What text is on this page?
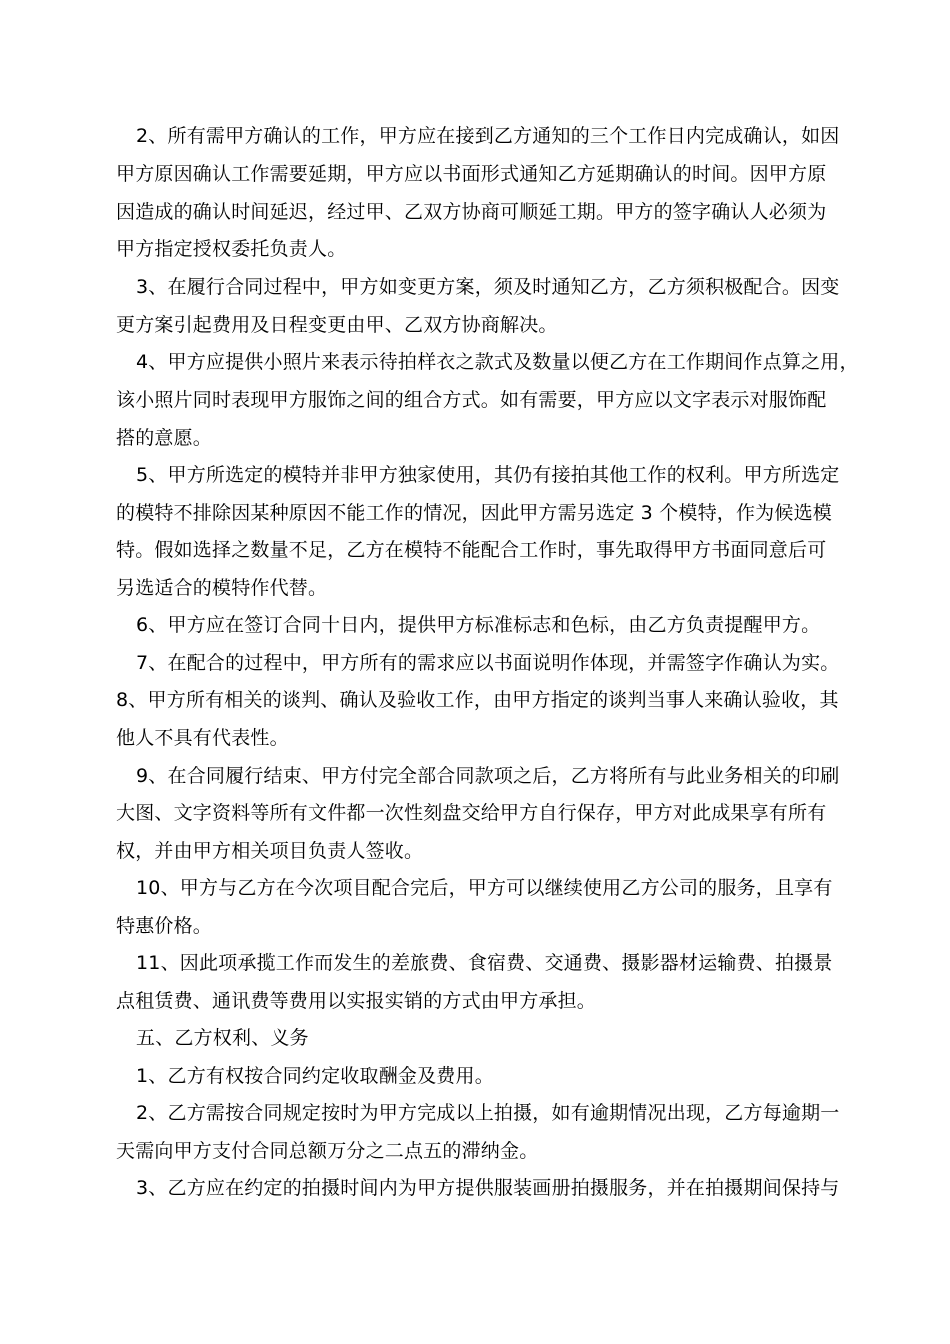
2、所有需甲方确认的工作，甲方应在接到乙方通知的三个工作日内完成确认，如因
甲方原因确认工作需要延期，甲方应以书面形式通知乙方延期确认的时间。因甲方原
因造成的确认时间延迟，经过甲、乙双方协商可顺延工期。甲方的签字确认人必须为
甲方指定授权委托负责人。
3、在履行合同过程中，甲方如变更方案，须及时通知乙方，乙方须积极配合。因变
更方案引起费用及日程变更由甲、乙双方协商解决。
4、甲方应提供小照片来表示待拍样衣之款式及数量以便乙方在工作期间作点算之用，
该小照片同时表现甲方服饰之间的组合方式。如有需要，甲方应以文字表示对服饰配
搭的意愿。
5、甲方所选定的模特并非甲方独家使用，其仍有接拍其他工作的权利。甲方所选定
的模特不排除因某种原因不能工作的情况，因此甲方需另选定 3 个模特，作为候选模
特。假如选择之数量不足，乙方在模特不能配合工作时，事先取得甲方书面同意后可
另选适合的模特作代替。
6、甲方应在签订合同十日内，提供甲方标准标志和色标，由乙方负责提醒甲方。
7、在配合的过程中，甲方所有的需求应以书面说明作体现，并需签字作确认为实。
8、甲方所有相关的谈判、确认及验收工作，由甲方指定的谈判当事人来确认验收，其
他人不具有代表性。
9、在合同履行结束、甲方付完全部合同款项之后，乙方将所有与此业务相关的印刷
大图、文字资料等所有文件都一次性刻盘交给甲方自行保存，甲方对此成果享有所有
权，并由甲方相关项目负责人签收。
10、甲方与乙方在今次项目配合完后，甲方可以继续使用乙方公司的服务，且享有
特惠价格。
11、因此项承揽工作而发生的差旅费、食宿费、交通费、摄影器材运输费、拍摄景
点租赁费、通讯费等费用以实报实销的方式由甲方承担。
五、乙方权利、义务
1、乙方有权按合同约定收取酬金及费用。
2、乙方需按合同规定按时为甲方完成以上拍摄，如有逾期情况出现，乙方每逾期一
天需向甲方支付合同总额万分之二点五的滞纳金。
3、乙方应在约定的拍摄时间内为甲方提供服装画册拍摄服务，并在拍摄期间保持与
